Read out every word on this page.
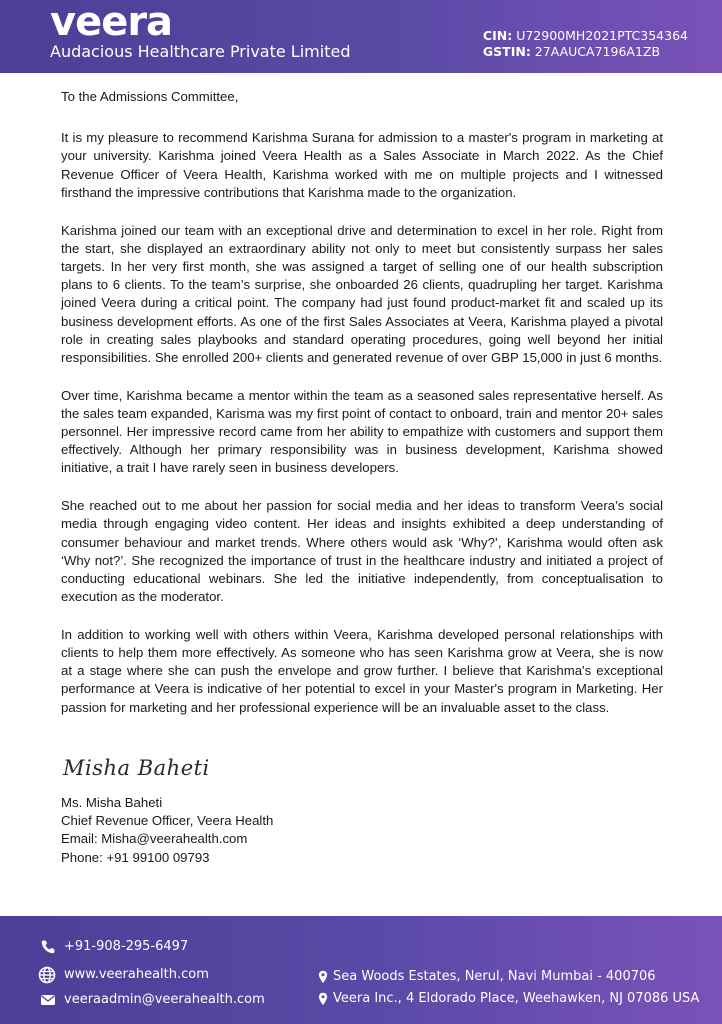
veera
Audacious Healthcare Private Limited
CIN: U72900MH2021PTC354364
GSTIN: 27AAUCA7196A1ZB

To the Admissions Committee,

It is my pleasure to recommend Karishma Surana for admission to a master's program in marketing at your university. Karishma joined Veera Health as a Sales Associate in March 2022. As the Chief Revenue Officer of Veera Health, Karishma worked with me on multiple projects and I witnessed firsthand the impressive contributions that Karishma made to the organization.

Karishma joined our team with an exceptional drive and determination to excel in her role. Right from the start, she displayed an extraordinary ability not only to meet but consistently surpass her sales targets. In her very first month, she was assigned a target of selling one of our health subscription plans to 6 clients. To the team’s surprise, she onboarded 26 clients, quadrupling her target. Karishma joined Veera during a critical point. The company had just found product-market fit and scaled up its business development efforts. As one of the first Sales Associates at Veera, Karishma played a pivotal role in creating sales playbooks and standard operating procedures, going well beyond her initial responsibilities. She enrolled 200+ clients and generated revenue of over GBP 15,000 in just 6 months.

Over time, Karishma became a mentor within the team as a seasoned sales representative herself. As the sales team expanded, Karisma was my first point of contact to onboard, train and mentor 20+ sales personnel. Her impressive record came from her ability to empathize with customers and support them effectively. Although her primary responsibility was in business development, Karishma showed initiative, a trait I have rarely seen in business developers.

She reached out to me about her passion for social media and her ideas to transform Veera’s social media through engaging video content. Her ideas and insights exhibited a deep understanding of consumer behaviour and market trends. Where others would ask ‘Why?’, Karishma would often ask ‘Why not?’. She recognized the importance of trust in the healthcare industry and initiated a project of conducting educational webinars. She led the initiative independently, from conceptualisation to execution as the moderator.

In addition to working well with others within Veera, Karishma developed personal relationships with clients to help them more effectively. As someone who has seen Karishma grow at Veera, she is now at a stage where she can push the envelope and grow further. I believe that Karishma's exceptional performance at Veera is indicative of her potential to excel in your Master's program in Marketing. Her passion for marketing and her professional experience will be an invaluable asset to the class.

Misha Baheti
Ms. Misha Baheti
Chief Revenue Officer, Veera Health
Email: Misha@veerahealth.com
Phone: +91 99100 09793
+91-908-295-6497
www.veerahealth.com
veeraadmin@veerahealth.com
Sea Woods Estates, Nerul, Navi Mumbai - 400706
Veera Inc., 4 Eldorado Place, Weehawken, NJ 07086 USA
